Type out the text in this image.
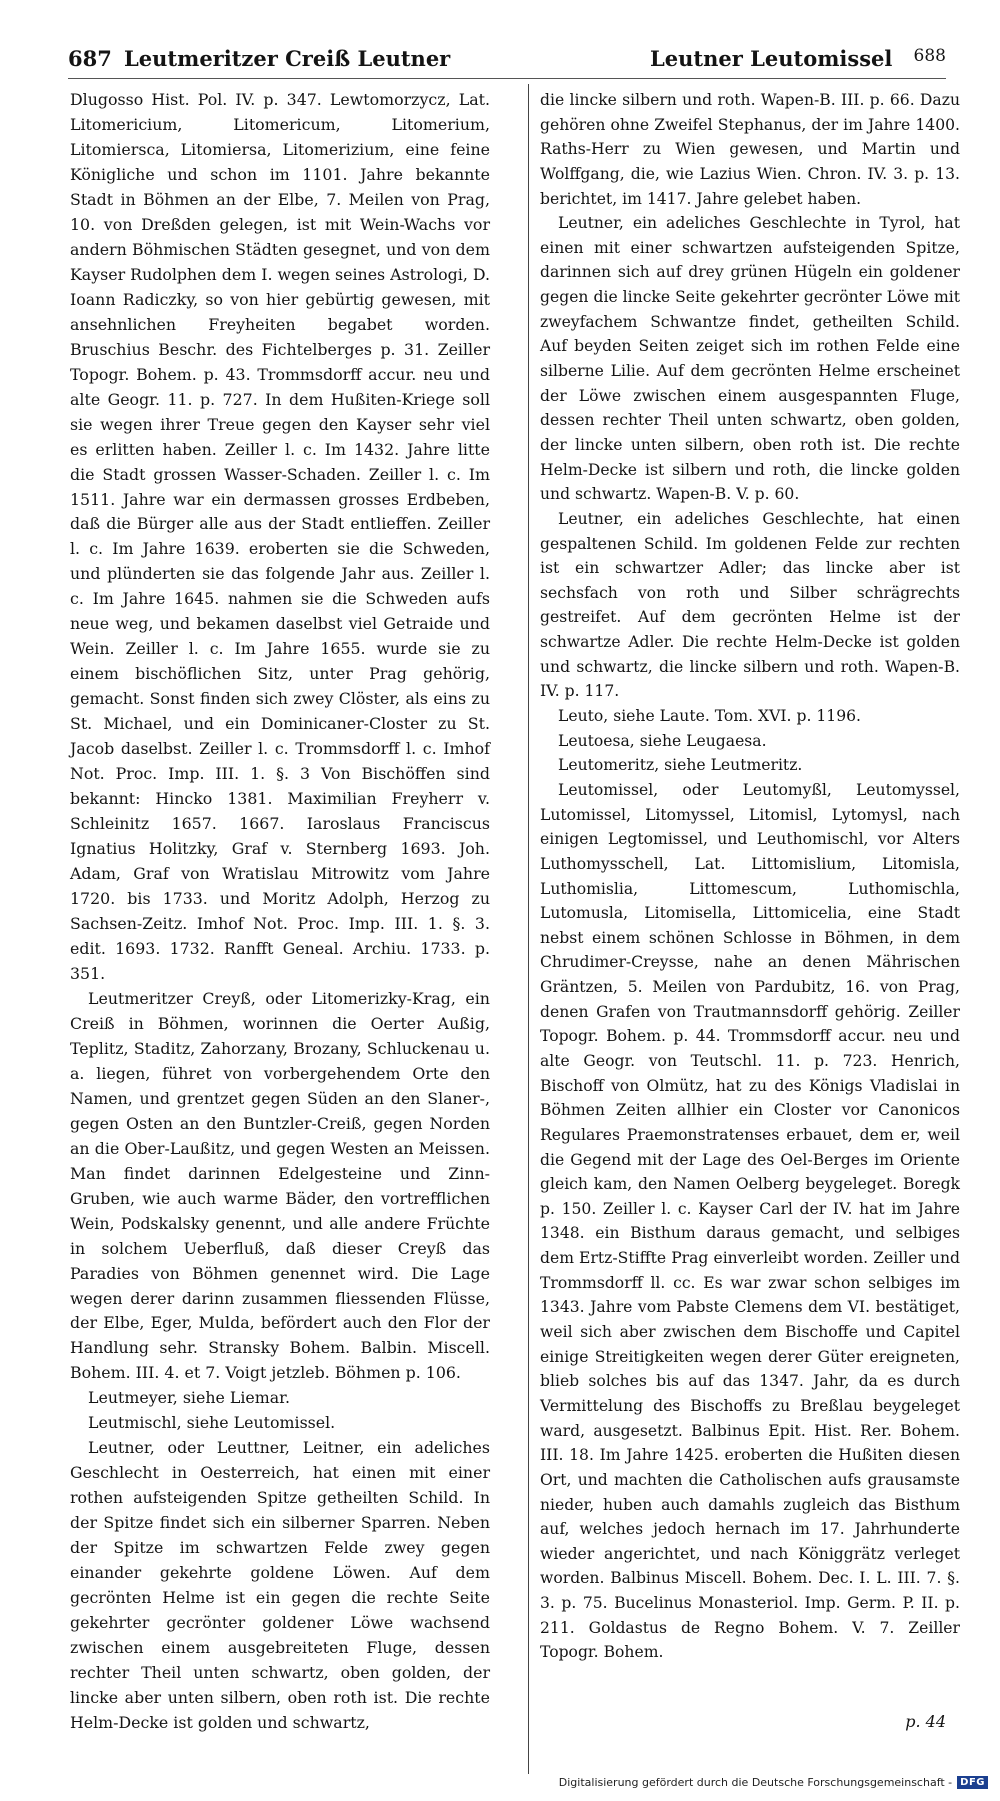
687 Leutmeritzer Creiß Leutner	Leutner Leutomissel 688

Dlugosso Hist. Pol. IV. p. 347. Lewtomorzycz, Lat. Litomericium, Litomericum, Litomerium, Litomiersca, Litomiersa, Litomerizium, eine feine Königliche und schon im 1101. Jahre bekannte Stadt in Böhmen an der Elbe, 7. Meilen von Prag, 10. von Dreßden gelegen, ist mit Wein-Wachs vor andern Böhmischen Städten gesegnet, und von dem Kayser Rudolphen dem I. wegen seines Astrologi, D. Ioann Radiczky, so von hier gebürtig gewesen, mit ansehnlichen Freyheiten begabet worden. Bruschius Beschr. des Fichtelberges p. 31. Zeiller Topogr. Bohem. p. 43. Trommsdorff accur. neu und alte Geogr. 11. p. 727. In dem Hußiten-Kriege soll sie wegen ihrer Treue gegen den Kayser sehr viel es erlitten haben. Zeiller l. c. Im 1432. Jahre litte die Stadt grossen Wasser-Schaden. Zeiller l. c. Im 1511. Jahre war ein dermassen grosses Erdbeben, daß die Bürger alle aus der Stadt entlieffen. Zeiller l. c. Im Jahre 1639. eroberten sie die Schweden, und plünderten sie das folgende Jahr aus. Zeiller l. c. Im Jahre 1645. nahmen sie die Schweden aufs neue weg, und bekamen daselbst viel Getraide und Wein. Zeiller l. c. Im Jahre 1655. wurde sie zu einem bischöflichen Sitz, unter Prag gehörig, gemacht. Sonst finden sich zwey Clöster, als eins zu St. Michael, und ein Dominicaner-Closter zu St. Jacob daselbst. Zeiller l. c. Trommsdorff l. c. Imhof Not. Proc. Imp. III. 1. §. 3 Von Bischöffen sind bekannt: Hincko 1381. Maximilian Freyherr v. Schleinitz 1657. 1667. Iaroslaus Franciscus Ignatius Holitzky, Graf v. Sternberg 1693. Joh. Adam, Graf von Wratislau Mitrowitz vom Jahre 1720. bis 1733. und Moritz Adolph, Herzog zu Sachsen-Zeitz. Imhof Not. Proc. Imp. III. 1. §. 3. edit. 1693. 1732. Ranfft Geneal. Archiu. 1733. p. 351.

Leutmeritzer Creyß, oder Litomerizky-Krag, ein Creiß in Böhmen, worinnen die Oerter Außig, Teplitz, Staditz, Zahorzany, Brozany, Schluckenau u. a. liegen, führet von vorbergehendem Orte den Namen, und grentzet gegen Süden an den Slaner-, gegen Osten an den Buntzler-Creiß, gegen Norden an die Ober-Laußitz, und gegen Westen an Meissen. Man findet darinnen Edelgesteine und Zinn-Gruben, wie auch warme Bäder, den vortrefflichen Wein, Podskalsky genennt, und alle andere Früchte in solchem Ueberfluß, daß dieser Creyß das Paradies von Böhmen genennet wird. Die Lage wegen derer darinn zusammen fliessenden Flüsse, der Elbe, Eger, Mulda, befördert auch den Flor der Handlung sehr. Stransky Bohem. Balbin. Miscell. Bohem. III. 4. et 7. Voigt jetzleb. Böhmen p. 106.

Leutmeyer, siehe Liemar.

Leutmischl, siehe Leutomissel.

Leutner, oder Leuttner, Leitner, ein adeliches Geschlecht in Oesterreich, hat einen mit einer rothen aufsteigenden Spitze getheilten Schild. In der Spitze findet sich ein silberner Sparren. Neben der Spitze im schwartzen Felde zwey gegen einander gekehrte goldene Löwen. Auf dem gecrönten Helme ist ein gegen die rechte Seite gekehrter gecrönter goldener Löwe wachsend zwischen einem ausgebreiteten Fluge, dessen rechter Theil unten schwartz, oben golden, der lincke aber unten silbern, oben roth ist. Die rechte Helm-Decke ist golden und schwartz,

die lincke silbern und roth. Wapen-B. III. p. 66. Dazu gehören ohne Zweifel Stephanus, der im Jahre 1400. Raths-Herr zu Wien gewesen, und Martin und Wolffgang, die, wie Lazius Wien. Chron. IV. 3. p. 13. berichtet, im 1417. Jahre gelebet haben.

Leutner, ein adeliches Geschlechte in Tyrol, hat einen mit einer schwartzen aufsteigenden Spitze, darinnen sich auf drey grünen Hügeln ein goldener gegen die lincke Seite gekehrter gecrönter Löwe mit zweyfachem Schwantze findet, getheilten Schild. Auf beyden Seiten zeiget sich im rothen Felde eine silberne Lilie. Auf dem gecrönten Helme erscheinet der Löwe zwischen einem ausgespannten Fluge, dessen rechter Theil unten schwartz, oben golden, der lincke unten silbern, oben roth ist. Die rechte Helm-Decke ist silbern und roth, die lincke golden und schwartz. Wapen-B. V. p. 60.

Leutner, ein adeliches Geschlechte, hat einen gespaltenen Schild. Im goldenen Felde zur rechten ist ein schwartzer Adler; das lincke aber ist sechsfach von roth und Silber schrägrechts gestreifet. Auf dem gecrönten Helme ist der schwartze Adler. Die rechte Helm-Decke ist golden und schwartz, die lincke silbern und roth. Wapen-B. IV. p. 117.

Leuto, siehe Laute. Tom. XVI. p. 1196.

Leutoesa, siehe Leugaesa.

Leutomeritz, siehe Leutmeritz.

Leutomissel, oder Leutomyßl, Leutomyssel, Lutomissel, Litomyssel, Litomisl, Lytomysl, nach einigen Legtomissel, und Leuthomischl, vor Alters Luthomysschell, Lat. Littomislium, Litomisla, Luthomislia, Littomescum, Luthomischla, Lutomusla, Litomisella, Littomicelia, eine Stadt nebst einem schönen Schlosse in Böhmen, in dem Chrudimer-Creysse, nahe an denen Mährischen Gräntzen, 5. Meilen von Pardubitz, 16. von Prag, denen Grafen von Trautmannsdorff gehörig. Zeiller Topogr. Bohem. p. 44. Trommsdorff accur. neu und alte Geogr. von Teutschl. 11. p. 723. Henrich, Bischoff von Olmütz, hat zu des Königs Vladislai in Böhmen Zeiten allhier ein Closter vor Canonicos Regulares Praemonstratenses erbauet, dem er, weil die Gegend mit der Lage des Oel-Berges im Oriente gleich kam, den Namen Oelberg beygeleget. Boregk p. 150. Zeiller l. c. Kayser Carl der IV. hat im Jahre 1348. ein Bisthum daraus gemacht, und selbiges dem Ertz-Stiffte Prag einverleibt worden. Zeiller und Trommsdorff ll. cc. Es war zwar schon selbiges im 1343. Jahre vom Pabste Clemens dem VI. bestätiget, weil sich aber zwischen dem Bischoffe und Capitel einige Streitigkeiten wegen derer Güter ereigneten, blieb solches bis auf das 1347. Jahr, da es durch Vermittelung des Bischoffs zu Breßlau beygeleget ward, ausgesetzt. Balbinus Epit. Hist. Rer. Bohem. III. 18. Im Jahre 1425. eroberten die Hußiten diesen Ort, und machten die Catholischen aufs grausamste nieder, huben auch damahls zugleich das Bisthum auf, welches jedoch hernach im 17. Jahrhunderte wieder angerichtet, und nach Königgrätz verleget worden. Balbinus Miscell. Bohem. Dec. I. L. III. 7. §. 3. p. 75. Bucelinus Monasteriol. Imp. Germ. P. II. p. 211. Goldastus de Regno Bohem. V. 7. Zeiller Topogr. Bohem.

p. 44
Digitalisierung gefördert durch die Deutsche Forschungsgemeinschaft - DFG
